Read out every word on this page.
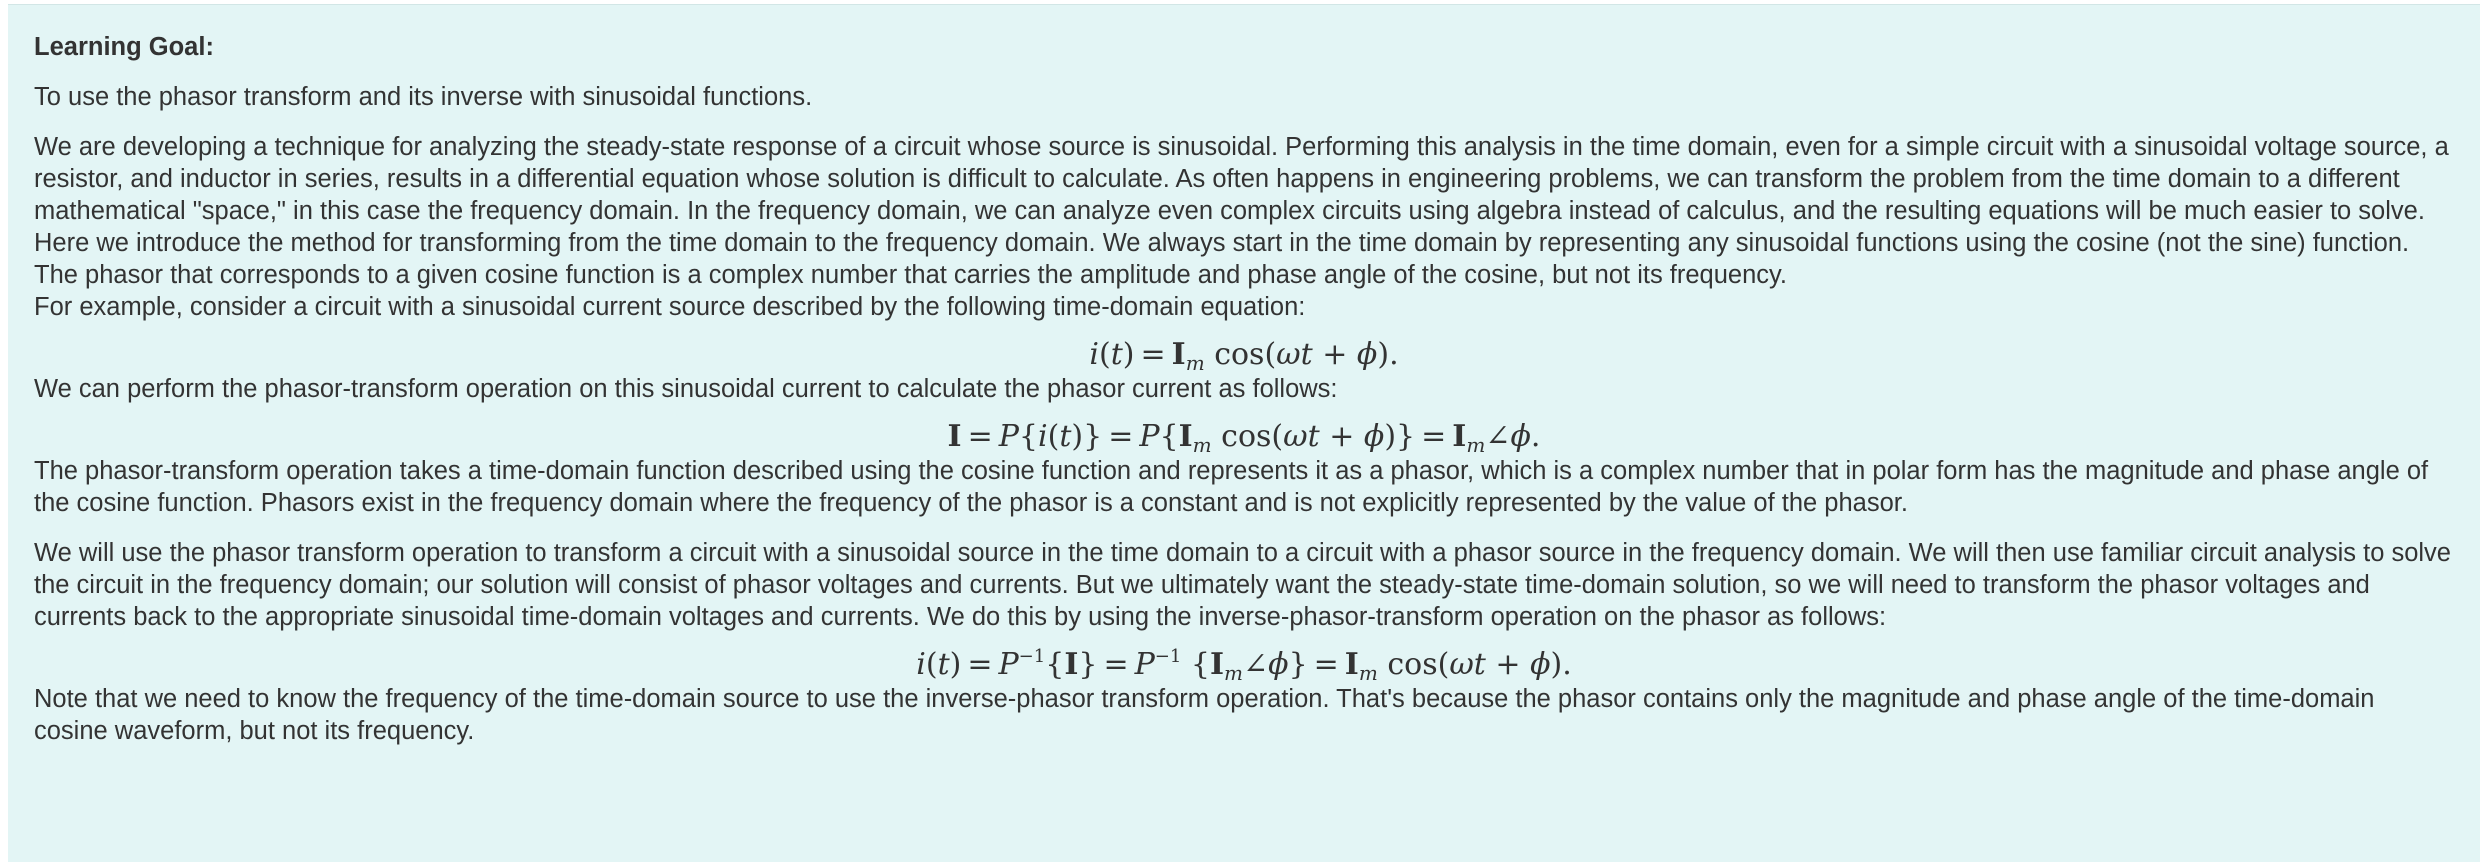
Learning Goal:

To use the phasor transform and its inverse with sinusoidal functions.

We are developing a technique for analyzing the steady-state response of a circuit whose source is sinusoidal. Performing this analysis in the time domain, even for a simple circuit with a sinusoidal voltage source, a resistor, and inductor in series, results in a differential equation whose solution is difficult to calculate. As often happens in engineering problems, we can transform the problem from the time domain to a different mathematical "space," in this case the frequency domain. In the frequency domain, we can analyze even complex circuits using algebra instead of calculus, and the resulting equations will be much easier to solve.

Here we introduce the method for transforming from the time domain to the frequency domain. We always start in the time domain by representing any sinusoidal functions using the cosine (not the sine) function. The phasor that corresponds to a given cosine function is a complex number that carries the amplitude and phase angle of the cosine, but not its frequency.

For example, consider a circuit with a sinusoidal current source described by the following time-domain equation:

$i(t) = I_m$ cos(ωt + ϕ).

We can perform the phasor-transform operation on this sinusoidal current to calculate the phasor current as follows:

$I = P\{i(t)\} = P\{I_m$ $\cos(\omega t + \phi)\} = I_m\angle\phi$.

The phasor-transform operation takes a time-domain function described using the cosine function and represents it as a phasor, which is a complex number that in polar form has the magnitude and phase angle of the cosine function. Phasors exist in the frequency domain where the frequency of the phasor is a constant and is not explicitly represented by the value of the phasor.

We will use the phasor transform operation to transform a circuit with a sinusoidal source in the time domain to a circuit with a phasor source in the frequency domain. We will then use familiar circuit analysis to solve the circuit in the frequency domain; our solution will consist of phasor voltages and currents. But we ultimately want the steady-state time-domain solution, so we will need to transform the phasor voltages and currents back to the appropriate sinusoidal time-domain voltages and currents. We do this by using the inverse-phasor-transform operation on the phasor as follows:

$i(t) = P^{-1}\{I\} = P^{-1}$ $\{I_m\angle\phi\} = I_m$ cos(ωt + ϕ).

Note that we need to know the frequency of the time-domain source to use the inverse-phasor transform operation. That's because the phasor contains only the magnitude and phase angle of the time-domain cosine waveform, but not its frequency.
